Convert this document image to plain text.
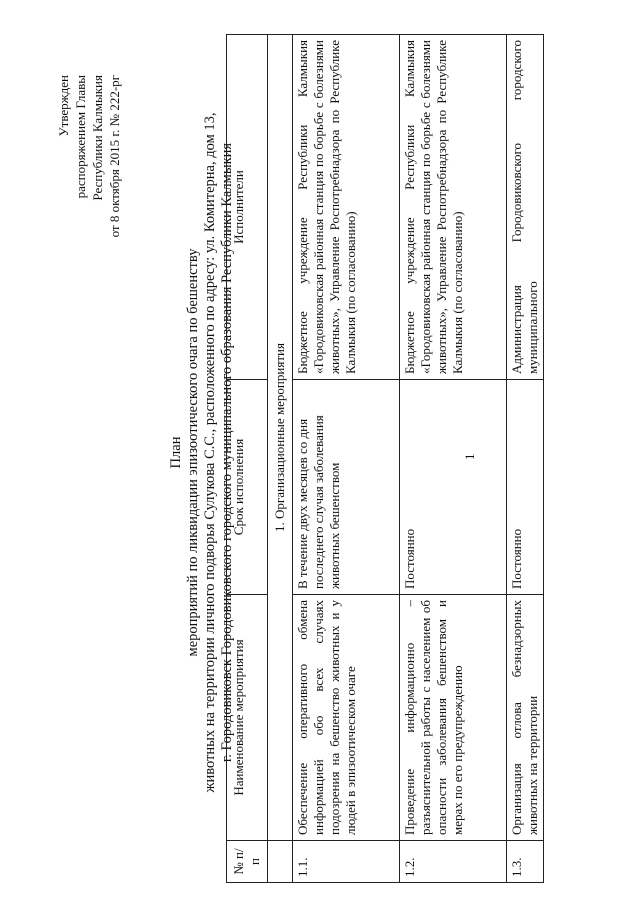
1
Утвержден распоряжением Главы Республики Калмыкия от 8 октября 2015 г. № 222-рг
План мероприятий по ликвидации эпизоотического очага по бешенству животных на территории личного подворья Сулукова С.С., расположенного по адресу: ул. Комитерна, дом 13, г. Городовиковск Городовиковского городского муниципального образования Республики Калмыкия
№ п/п	Наименование мероприятия	Срок исполнения	Исполнители
	1. Организационные мероприятия		
1.1.	Обеспечение оперативного обмена информацией обо всех случаях подозрения на бешенство животных и у людей в эпизоотическом очаге	В течение двух месяцев со дня последнего случая заболевания животных бешенством	Бюджетное учреждение Республики Калмыкия «Городовиковская районная станция по борьбе с болезнями животных», Управление Роспотребнадзора по Республике Калмыкия (по согласованию)
1.2.	Проведение информационно – разъяснительной работы с населением об опасности заболевания бешенством и мерах по его предупреждению	Постоянно	Бюджетное учреждение Республики Калмыкия «Городовиковская районная станция по борьбе с болезнями животных», Управление Роспотребнадзора по Республике Калмыкия (по согласованию)
1.3.	Организация отлова безнадзорных животных на территории	Постоянно	Администрация Городовиковского городского муниципального
